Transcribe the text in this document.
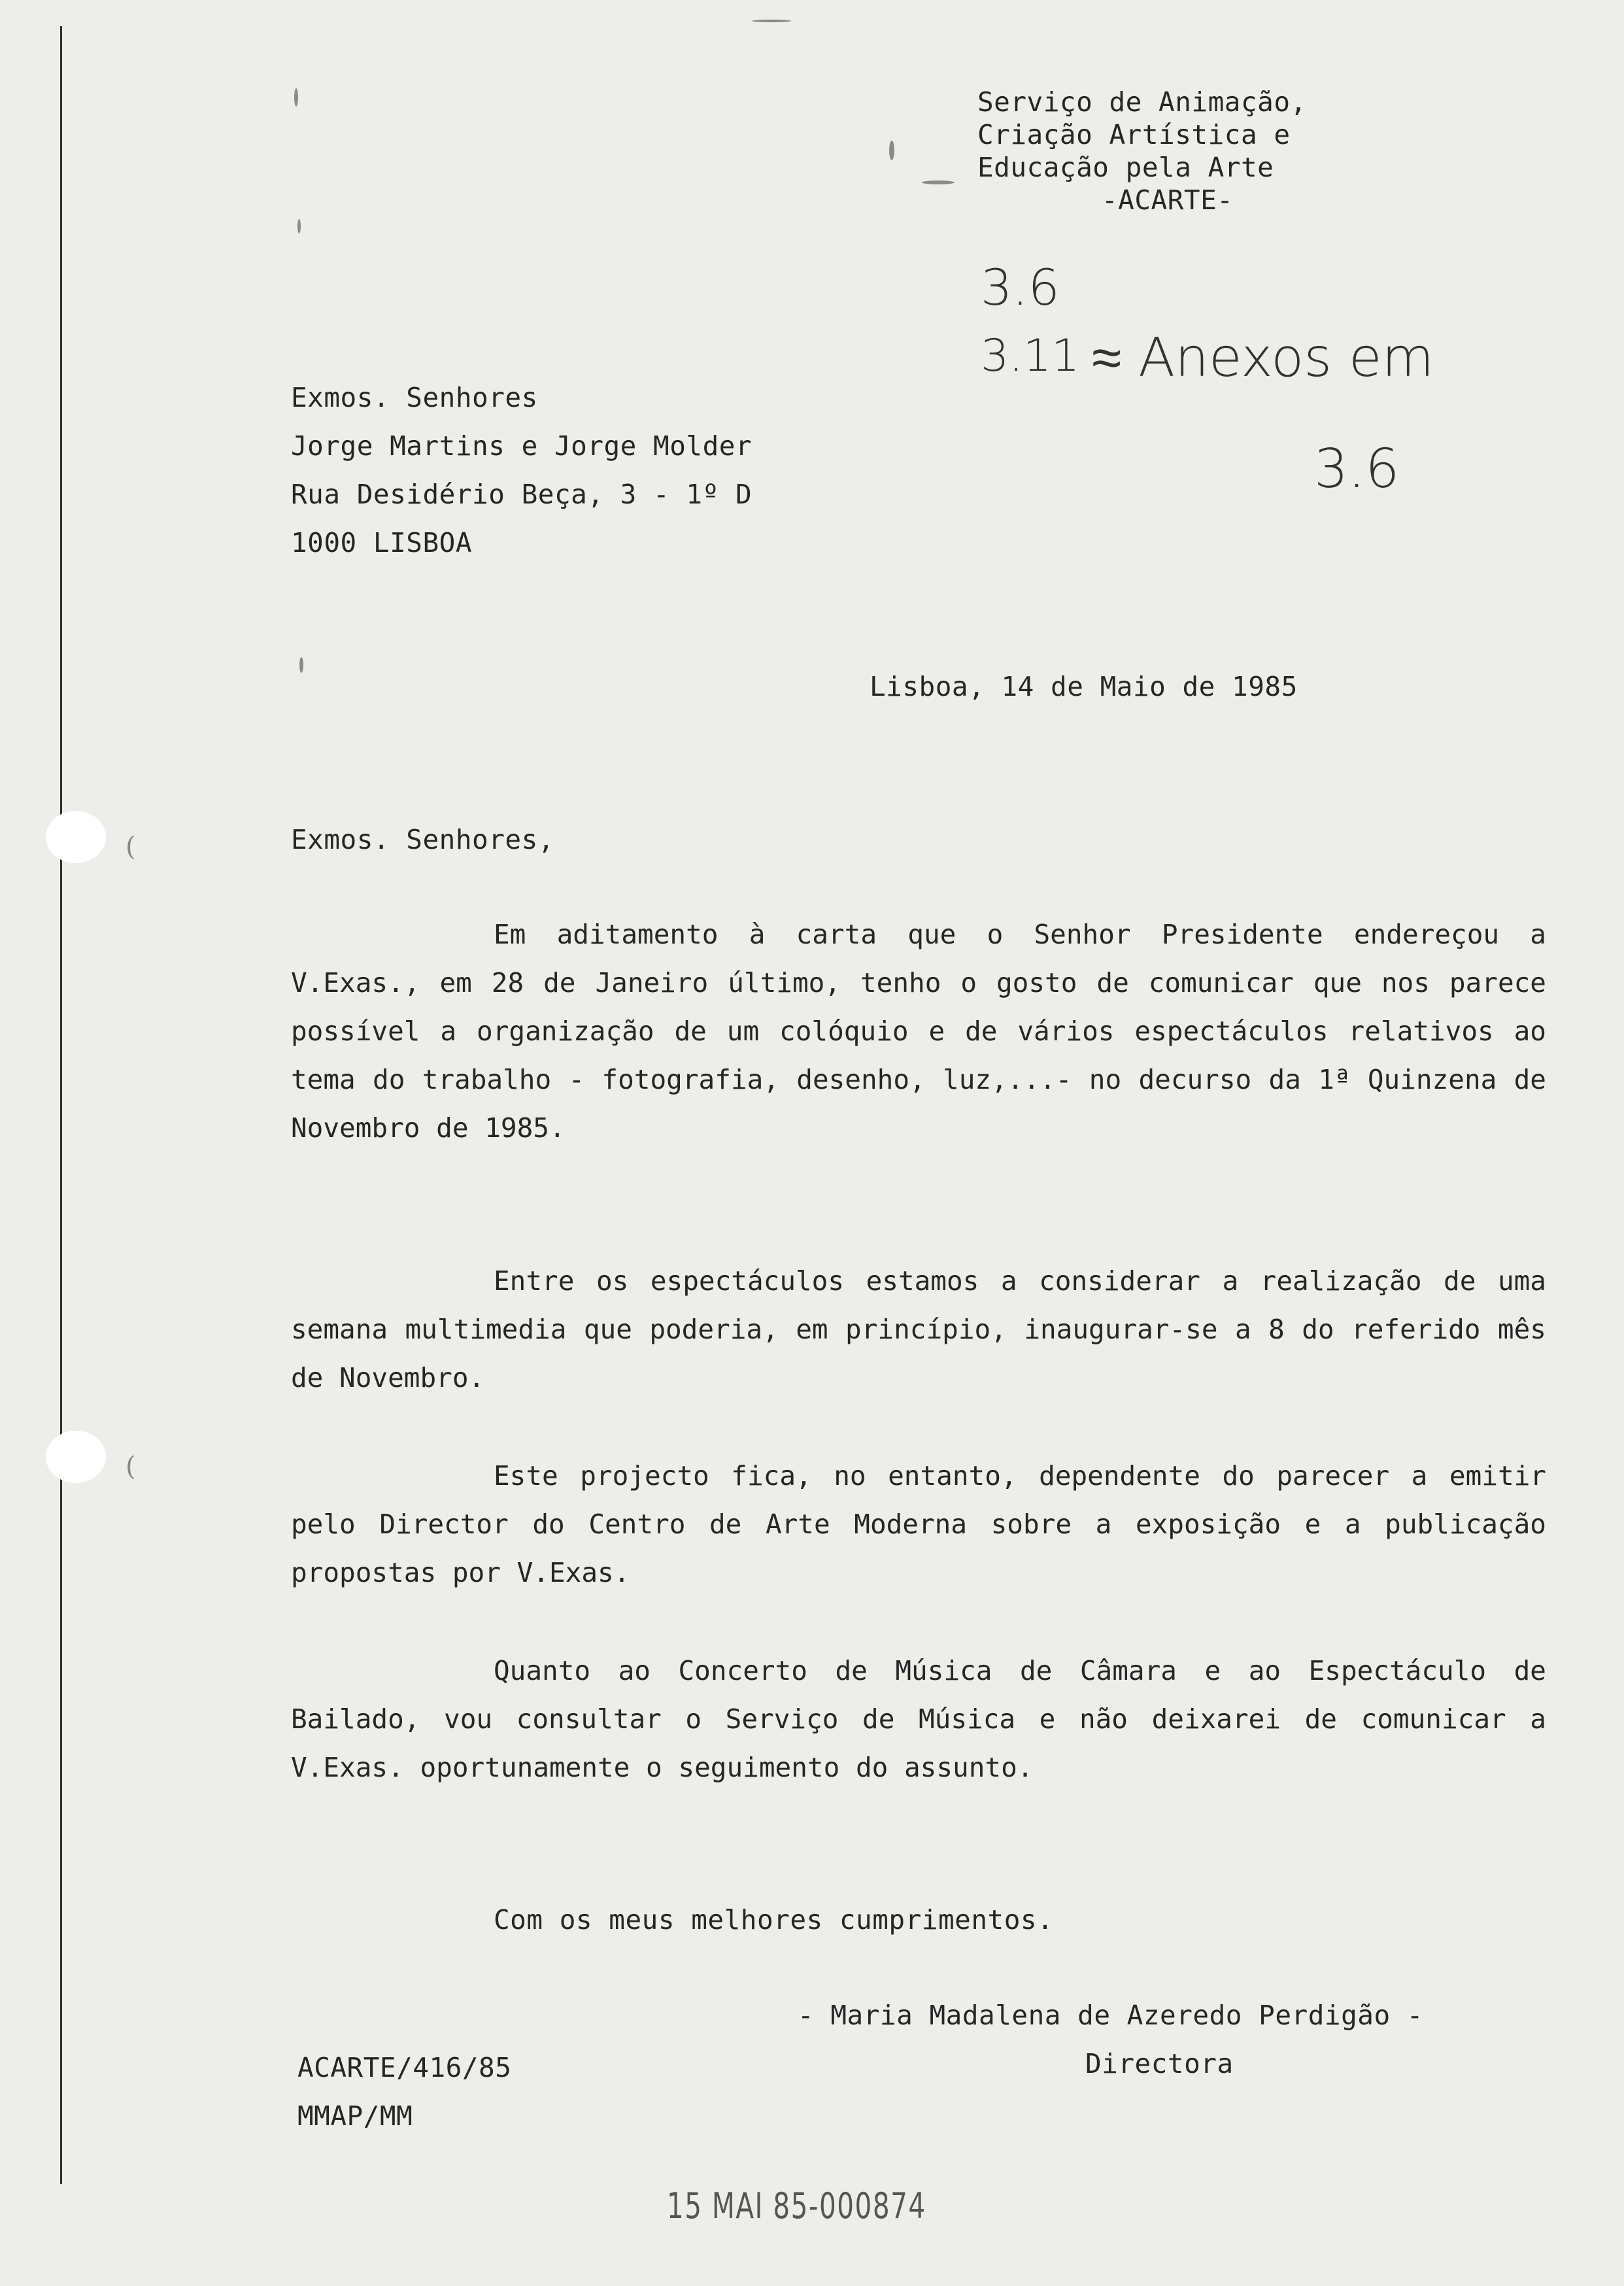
(
(
Serviço de Animação,
Criação Artística e
Educação pela Arte
-ACARTE-
3.6
3.11 ≈ Anexos em
3.6
Exmos. Senhores
Jorge Martins e Jorge Molder
Rua Desidério Beça, 3 - 1º D
1000 LISBOA
Lisboa, 14 de Maio de 1985
Exmos. Senhores,
Em aditamento à carta que o Senhor Presidente endereçou a V.Exas., em 28 de Janeiro último, tenho o gosto de comunicar que nos parece possível a organização de um colóquio e de vários espectáculos relativos ao tema do trabalho - fotografia, desenho, luz,...- no decurso da 1ª Quinzena de Novembro de 1985.
Entre os espectáculos estamos a considerar a realização de uma semana multimedia que poderia, em princípio, inaugurar-se a 8 do referido mês de Novembro.
Este projecto fica, no entanto, dependente do parecer a emitir pelo Director do Centro de Arte Moderna sobre a exposição e a publicação propostas por V.Exas.
Quanto ao Concerto de Música de Câmara e ao Espectáculo de Bailado, vou consultar o Serviço de Música e não deixarei de comunicar a V.Exas. oportunamente o seguimento do assunto.
Com os meus melhores cumprimentos.
- Maria Madalena de Azeredo Perdigão -
Directora
ACARTE/416/85
MMAP/MM
15 MAI 85-000874
